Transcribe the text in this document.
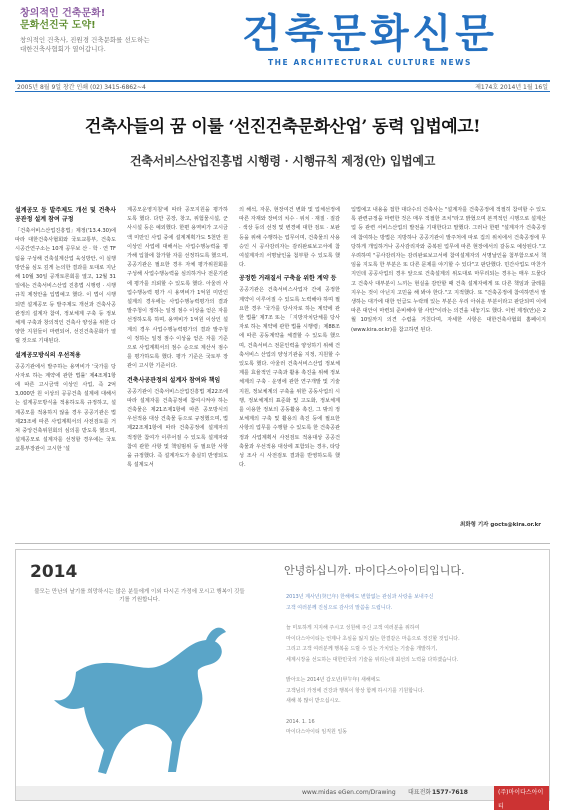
창의적인 건축문화!
문화선진국 도약!
창의적인 건축사, 진원경 건축문화를 선도하는 대한건축사협회가 열어갑니다.	건축문화신문
THE ARCHITECTURAL CULTURE NEWS
2005년 8월 9일 창간 인쇄 (02) 3415-6862~4	제174호 2014년 1월 16일
건축사들의 꿈 이룰 ‘선진건축문화산업’ 동력 입법예고!
건축서비스산업진흥법 시행령 · 시행규칙 제정(안) 입법예고
설계공모 등 발주제도 개선 및 건축사공관정 설계 참여 규정

「건축서비스산업진흥법」제정('13.4.30)에 따라 대한건축사협회와 국토교통부, 건축도시공간연구소는 10개 공무보 산 · 학 · 연 TF팀을 구성해 건축설계산업 육성방안, 이 실행방안을 심도 깊게 논의한 결과를 토대로 지난해 10월 30일 공개토론회를 열고, 12월 31일에는 건축서비스산업 진흥법 시행령 · 시행규칙 제정안을 입법예고 했다. 이 법이 시행되면 설계공모 등 발주제도 개선과 건축사공관정의 설계자 참여, 정보체계 구축 등 정보체계 구축과 창의적인 건축사 양성을 위한 다양한 지원들이 마련되어, 선진건축문화가 열릴 것으로 기대된다.

설계공모방식의 우선적용

공공기관에서 발주하는 용역비가 '국가를 당사자로 하는 계약에 관한 법률' 제4조제1항에 따른 고시금액 이상인 사업, 즉 2억 3,000만 원 이상의 공공건축 설계에 대해서는 설계공모방식을 적용하도록 규정하고, 설계공모를 적용하지 않을 경우 공공기관은 법 제23조에 따른 사업계획서의 사전검토를 거쳐 중앙건축위원회의 심의를 받도록 했으며, 설계공모로 설계자를 선정할 경우에는 국토교통부장관이 고시한 '설

계공모운영지침'에 따라 공모지원을 평가하도록 했다. 다만 공장, 창고, 위험물시설, 군사시설 등은 예외했다. 한편 용역비가 고시금액 미만인 사업 중에 설계계획가도 5천만 원 이상인 사업에 대해서는 사업수행능력을 평가해 입찰에 참가할 자를 선정하도록 했으며, 공공기관은 필요한 경우 자체 평가위원회를 구성해 사업수행능력을 심의하거나 전문기관에 평가를 의뢰할 수 있도록 했다. 아울러 사업수행능력 평가 시 용역비가 1억원 미만인 설계의 경우에는 사업수행능력평가의 결과 발주청이 정하는 일정 점수 이상을 얻은 자를 선정하도록 하며, 용역비가 1억원 이상인 설계의 경우 사업수행능력평가의 결과 발주청이 정하는 일정 점수 이상을 얻은 자를 기준으로 사업계획서의 점수 순으로 계산서 점수를 평가하도록 했다. 평가 기준은 국토부 장관이 고시한 기준이다.

건축사공관정의 설계자 참여와 책임

공공기관이 건축서비스산업진흥법 제22조에 따라 설계자를 건축공정에 참여시켜야 하는 건축물은 제21조제1항에 따른 공모방식의 우선적용 대상 건축물 등으로 규정했으며, 법 제22조제1항에 따라 건축공정에 설계자의 적정한 참여가 이루어질 수 있도록 설계자와 참여 관한 사항 및 책임범위 등 필요한 사항을 규정했다. 즉 설계자도가 충실히 반영되도록 설계도서

의 해석, 자문, 현장여건 변화 및 업체선정에 따른 자재와 장비의 치수 · 위치 · 재질 · 질감 · 색상 등의 선정 및 변경에 대한 검토 · 보완 등을 위해 수행하는 업무이며, 건축물의 사용승인 시 공사감리자는 감리완료보고서에 참여설계자의 서명날인을 첨부할 수 있도록 했다.

공정한 거래질서 구축을 위한 계약 등

공공기관은 건축서비스사업자 간에 공정한 계약이 이루어질 수 있도록 노력해야 하며 필요한 경우 '국가를 당사자로 하는 계약에 관한 법률' 제7조 또는 「지방자치단체를 당사자로 하는 계약에 관한 법률 시행령」제88조에 따른 공동계약을 체결할 수 있도록 했으며, 건축서비스 전문인력을 양성하기 위해 건축서비스 산업의 양성기관을 지정, 지원할 수 있도록 했다. 아울러 건축서비스산업 정보체계를 효율적인 구축과 활용 촉진을 위해 정보체계의 구축 · 운영에 관한 연구개발 및 기술지원, 정보체계의 구축을 위한 공동사업의 시행, 정보체계의 표준화 및 고도화, 정보체계를 이용한 정보의 공동활용 촉진, 그 밖의 정보체계의 구축 및 활용의 촉진 등에 필요한 사항의 업무를 수행할 수 있도록 한 건축공관정과 사업계획서 사전검토 적용대상 공공건축물과 우선적용 대상에 포함되는 경우, 타당성 조사 시 사전검토 결과를 반영하도록 했다.

입법예고 내용을 접한 대다수의 건축사는 "설계자를 건축공정에 적절히 참여할 수 있도록 관련규정을 마련한 것은 매우 적절한 조치"라고 밝혔으며 본격적인 시행으로 설계산업 등 관련 서비스산업의 발전을 기대한다고 말했다. 그러나 한편 "설계자가 건축공정에 참여하는 방법은 지방하나 공공기관이 발주처에 따로 집의 위치에서 건축공정에 무당하게 개입하거나 공사감리자와 중복된 업무에 따른 현장에서의 갈등도 예상된다."고 우려하며 "공사감리자는 감리완료보고서에 참여설계자의 서명날인을 첨부함으로서 책임을 지도록 한 부분은 또 다른 문제를 야기할 수 있다"고 판단했다. 민간사업도 마찬가지인데 공공사업의 경우 앞으로 건축설계의 위도대로 마무리되는 경우는 매우 드물다고 건축사 대부분이 느끼는 현실을 감안할 때 건축 설계자에게 또 다른 책임과 굴레를 지우는 것이 아닌지 고민을 해 봐야 한다."고 지적했다. 또 "건축공정에 참여하면서 발생하는 대가에 대한 언급도 누락돼 있는 부분은 우리 아쉬운 부분이라고 판단되며 이에 따른 대안이 마련되 준비해야 할 사안"이라는 의견을 내놓기도 했다. 이번 제정(안)은 2월 10일까지 의견 수렴을 거친다며, 자세한 사항은 대한건축사협회 홈페이지(www.kira.or.kr)를 참고하면 된다.

최화형 기자 gocts@kira.or.kr
2014
불모는 만난의 날기를 희망하시는 많은 분들에게 이외 다시곤 가정에 모시고 행복이 깃들기를 기원합니다.
안녕하십니까. 마이다스아이티입니다.
2013년 계사년(癸巳年) 한해에도 변함없는 관심과 사랑을 보내주신
고객 여러분께 진심으로 감사의 말씀을 드립니다.
늘 미토하게 지지해 주시고 성원해 주신 고객 여러분을 위하여
마이다스아이티는 언제나 초심을 잃지 않는 한결같은 마음으로 정진할 것입니다.
그리고 고객 여러분께 행복을 드릴 수 있는 가치있는 기술을 개발하기,
세계시장을 선도하는 대한민국의 기술을 위리는데 최선의 노력을 다하겠습니다.
밝아오는 2014년 갑오년(甲午年) 새해에도
고객님의 가정에 건강과 행복이 항상 함께 하시기를 기원합니다.
새해 복 많이 받으십시오.
2014. 1. 16
마이다스아이티 임직원 일동
www.midas eGen.com/Drawing 대표전화 1577-7618	(주)마이다스아이티
